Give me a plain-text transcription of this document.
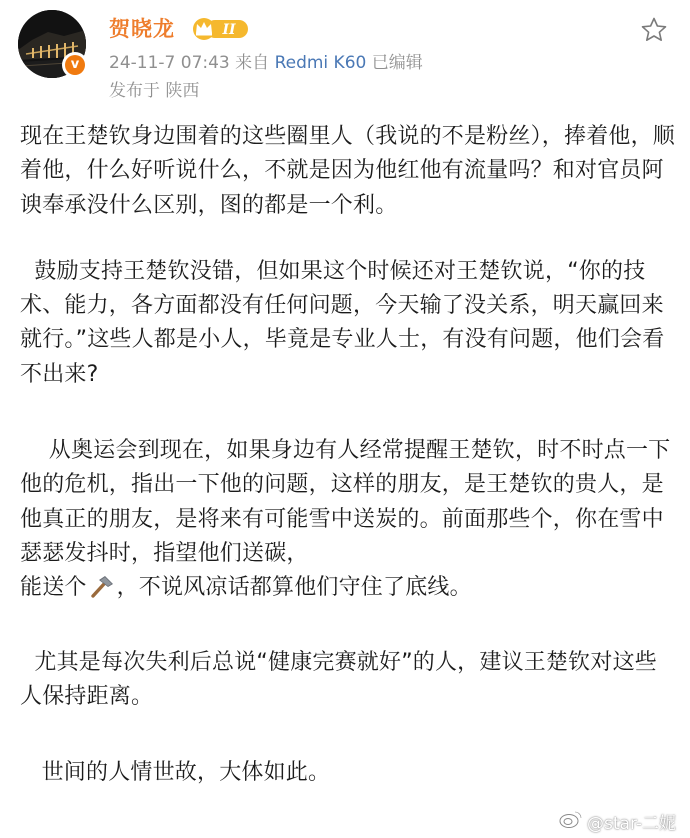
v
贺晓龙	II
24-11-7 07:43 来自 Redmi K60 已编辑
发布于 陕西

现在王楚钦身边围着的这些圈里人（我说的不是粉丝），捧着他，顺着他，什么好听说什么，不就是因为他红他有流量吗？和对官员阿谀奉承没什么区别，图的都是一个利。

鼓励支持王楚钦没错，但如果这个时候还对王楚钦说，“你的技术、能力，各方面都没有任何问题，今天输了没关系，明天赢回来就行。”这些人都是小人，毕竟是专业人士，有没有问题，他们会看不出来?

从奥运会到现在，如果身边有人经常提醒王楚钦，时不时点一下他的危机，指出一下他的问题，这样的朋友，是王楚钦的贵人，是他真正的朋友，是将来有可能雪中送炭的。前面那些个，你在雪中瑟瑟发抖时，指望他们送碳，
能送个 ，不说风凉话都算他们守住了底线。

尤其是每次失利后总说“健康完赛就好”的人，建议王楚钦对这些人保持距离。

世间的人情世故，大体如此。

@star-二妮
